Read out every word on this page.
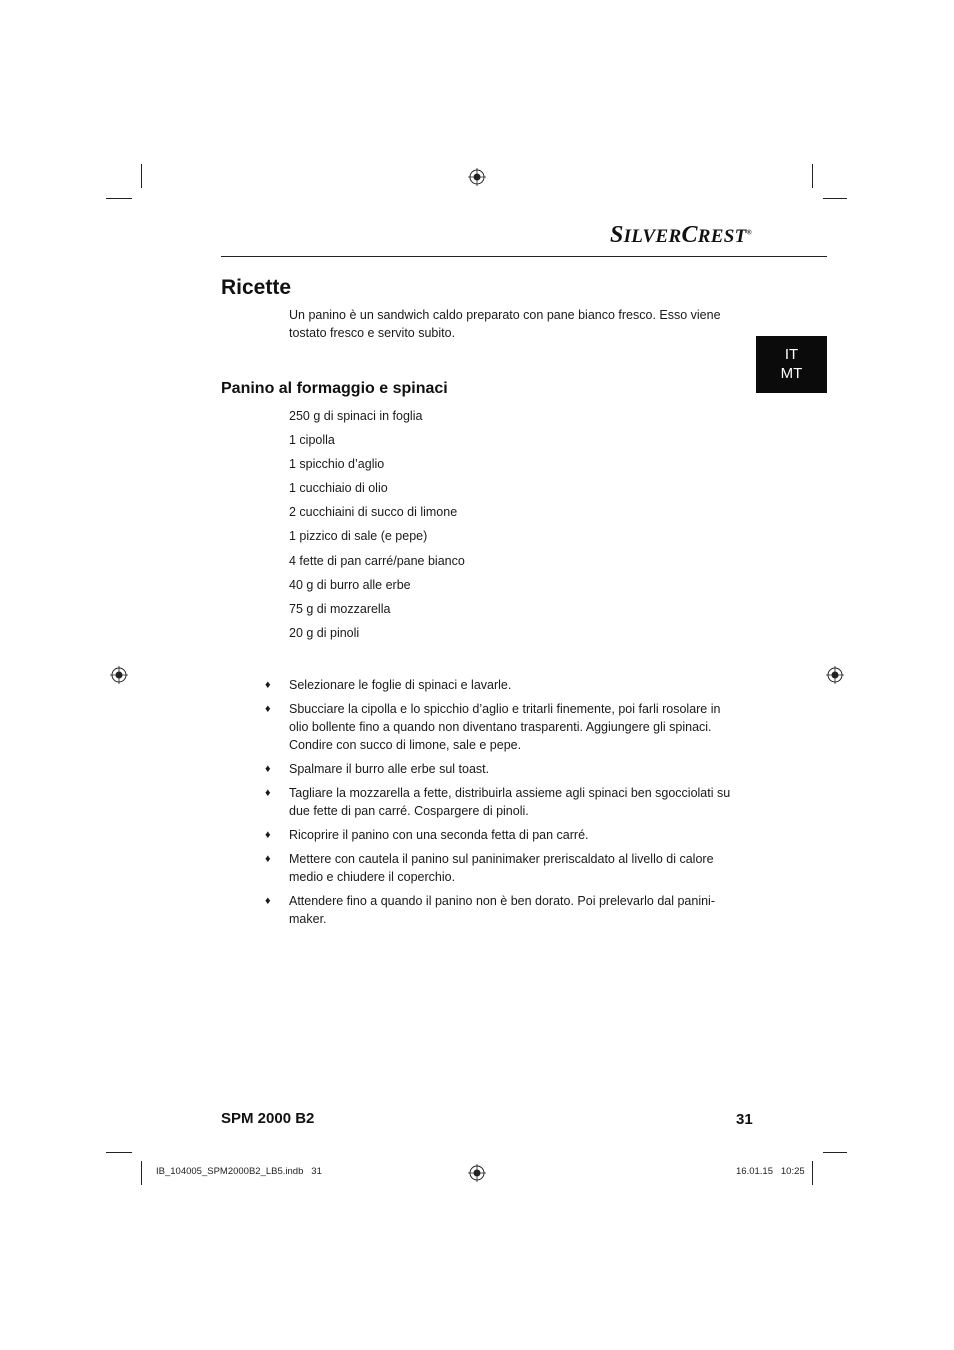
SILVERCREST®
IT
MT
Ricette

Un panino è un sandwich caldo preparato con pane bianco fresco. Esso viene tostato fresco e servito subito.

Panino al formaggio e spinaci
250 g di spinaci in foglia
1 cipolla
1 spicchio d’aglio
1 cucchiaio di olio
2 cucchiaini di succo di limone
1 pizzico di sale (e pepe)
4 fette di pan carré/pane bianco
40 g di burro alle erbe
75 g di mozzarella
20 g di pinoli
♦ Selezionare le foglie di spinaci e lavarle.
♦ Sbucciare la cipolla e lo spicchio d’aglio e tritarli finemente, poi farli rosolare in olio bollente fino a quando non diventano trasparenti. Aggiungere gli spinaci. Condire con succo di limone, sale e pepe.
♦ Spalmare il burro alle erbe sul toast.
♦ Tagliare la mozzarella a fette, distribuirla assieme agli spinaci ben sgocciolati su due fette di pan carré. Cospargere di pinoli.
♦ Ricoprire il panino con una seconda fetta di pan carré.
♦ Mettere con cautela il panino sul paninimaker preriscaldato al livello di calore medio e chiudere il coperchio.
♦ Attendere fino a quando il panino non è ben dorato. Poi prelevarlo dal panini-maker.
SPM 2000 B2	31
IB_104005_SPM2000B2_LB5.indb   31	16.01.15   10:25
